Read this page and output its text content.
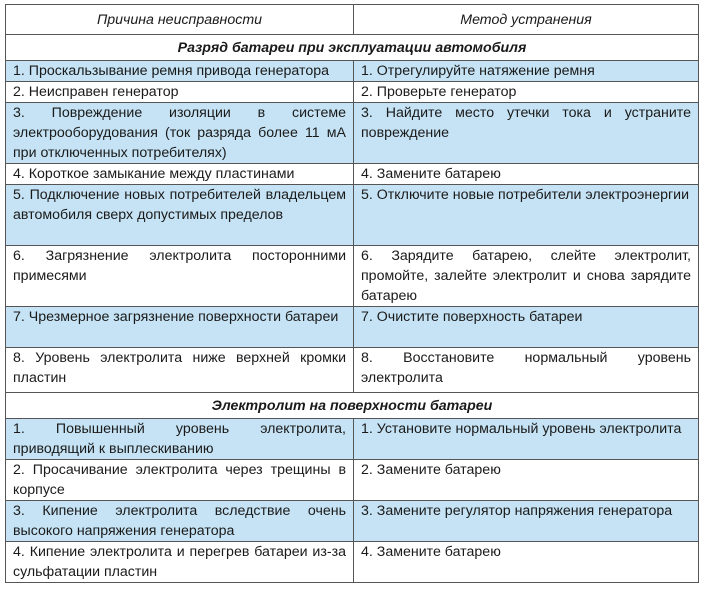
Причина неисправности	Метод устранения
Разряд батареи при эксплуатации автомобиля	
1. Проскальзывание ремня привода генератора	1. Отрегулируйте натяжение ремня
2. Неисправен генератор	2. Проверьте генератор
3. Повреждение изоляции в системе электрооборудования (ток разряда более 11 мА при отключенных потребителях)	3. Найдите место утечки тока и устраните повреждение
4. Короткое замыкание между пластинами	4. Замените батарею
5. Подключение новых потребителей владельцем автомобиля сверх допустимых пределов	5. Отключите новые потребители электроэнергии
6. Загрязнение электролита посторонними примесями	6. Зарядите батарею, слейте электролит, промойте, залейте электролит и снова зарядите батарею
7. Чрезмерное загрязнение поверхности батареи	7. Очистите поверхность батареи
8. Уровень электролита ниже верхней кромки пластин	8. Восстановите нормальный уровень электролита
Электролит на поверхности батареи	
1. Повышенный уровень электролита, приводящий к выплескиванию	1. Установите нормальный уровень электролита
2. Просачивание электролита через трещины в корпусе	2. Замените батарею
3. Кипение электролита вследствие очень высокого напряжения генератора	3. Замените регулятор напряжения генератора
4. Кипение электролита и перегрев батареи из-за сульфатации пластин	4. Замените батарею
